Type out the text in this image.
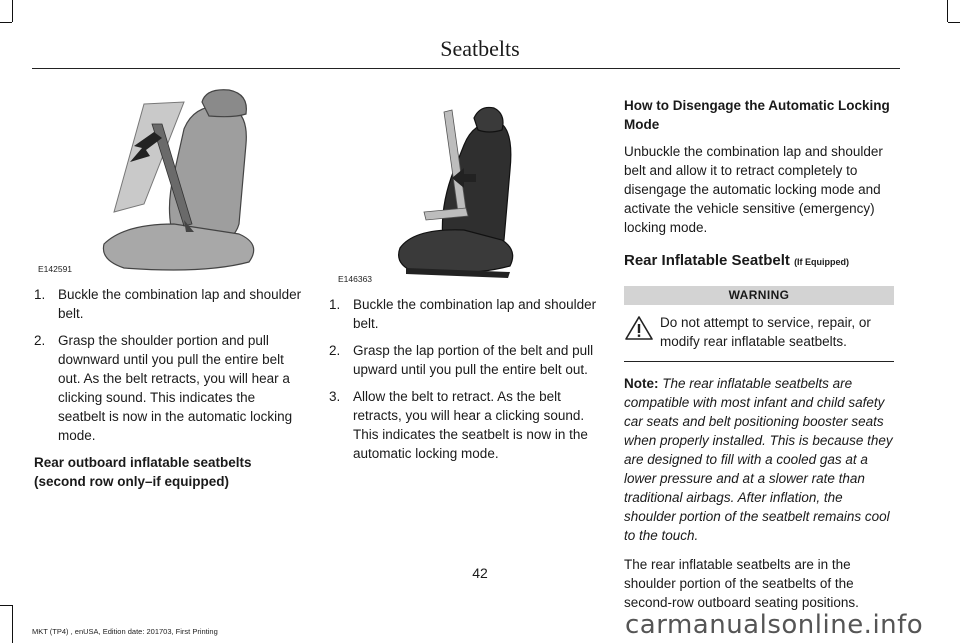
Seatbelts
E142591
E146363
1. Buckle the combination lap and shoulder belt.
2. Grasp the shoulder portion and pull downward until you pull the entire belt out. As the belt retracts, you will hear a clicking sound. This indicates the seatbelt is now in the automatic locking mode.
Rear outboard inflatable seatbelts (second row only–if equipped)
1. Buckle the combination lap and shoulder belt.
2. Grasp the lap portion of the belt and pull upward until you pull the entire belt out.
3. Allow the belt to retract. As the belt retracts, you will hear a clicking sound. This indicates the seatbelt is now in the automatic locking mode.
How to Disengage the Automatic Locking Mode
Unbuckle the combination lap and shoulder belt and allow it to retract completely to disengage the automatic locking mode and activate the vehicle sensitive (emergency) locking mode.
Rear Inflatable Seatbelt (If Equipped)
WARNING
Do not attempt to service, repair, or modify rear inflatable seatbelts.
Note: The rear inflatable seatbelts are compatible with most infant and child safety car seats and belt positioning booster seats when properly installed. This is because they are designed to fill with a cooled gas at a lower pressure and at a slower rate than traditional airbags. After inflation, the shoulder portion of the seatbelt remains cool to the touch.
The rear inflatable seatbelts are in the shoulder portion of the seatbelts of the second-row outboard seating positions.
42
MKT (TP4) , enUSA, Edition date: 201703, First Printing	carmanualsonline.info
